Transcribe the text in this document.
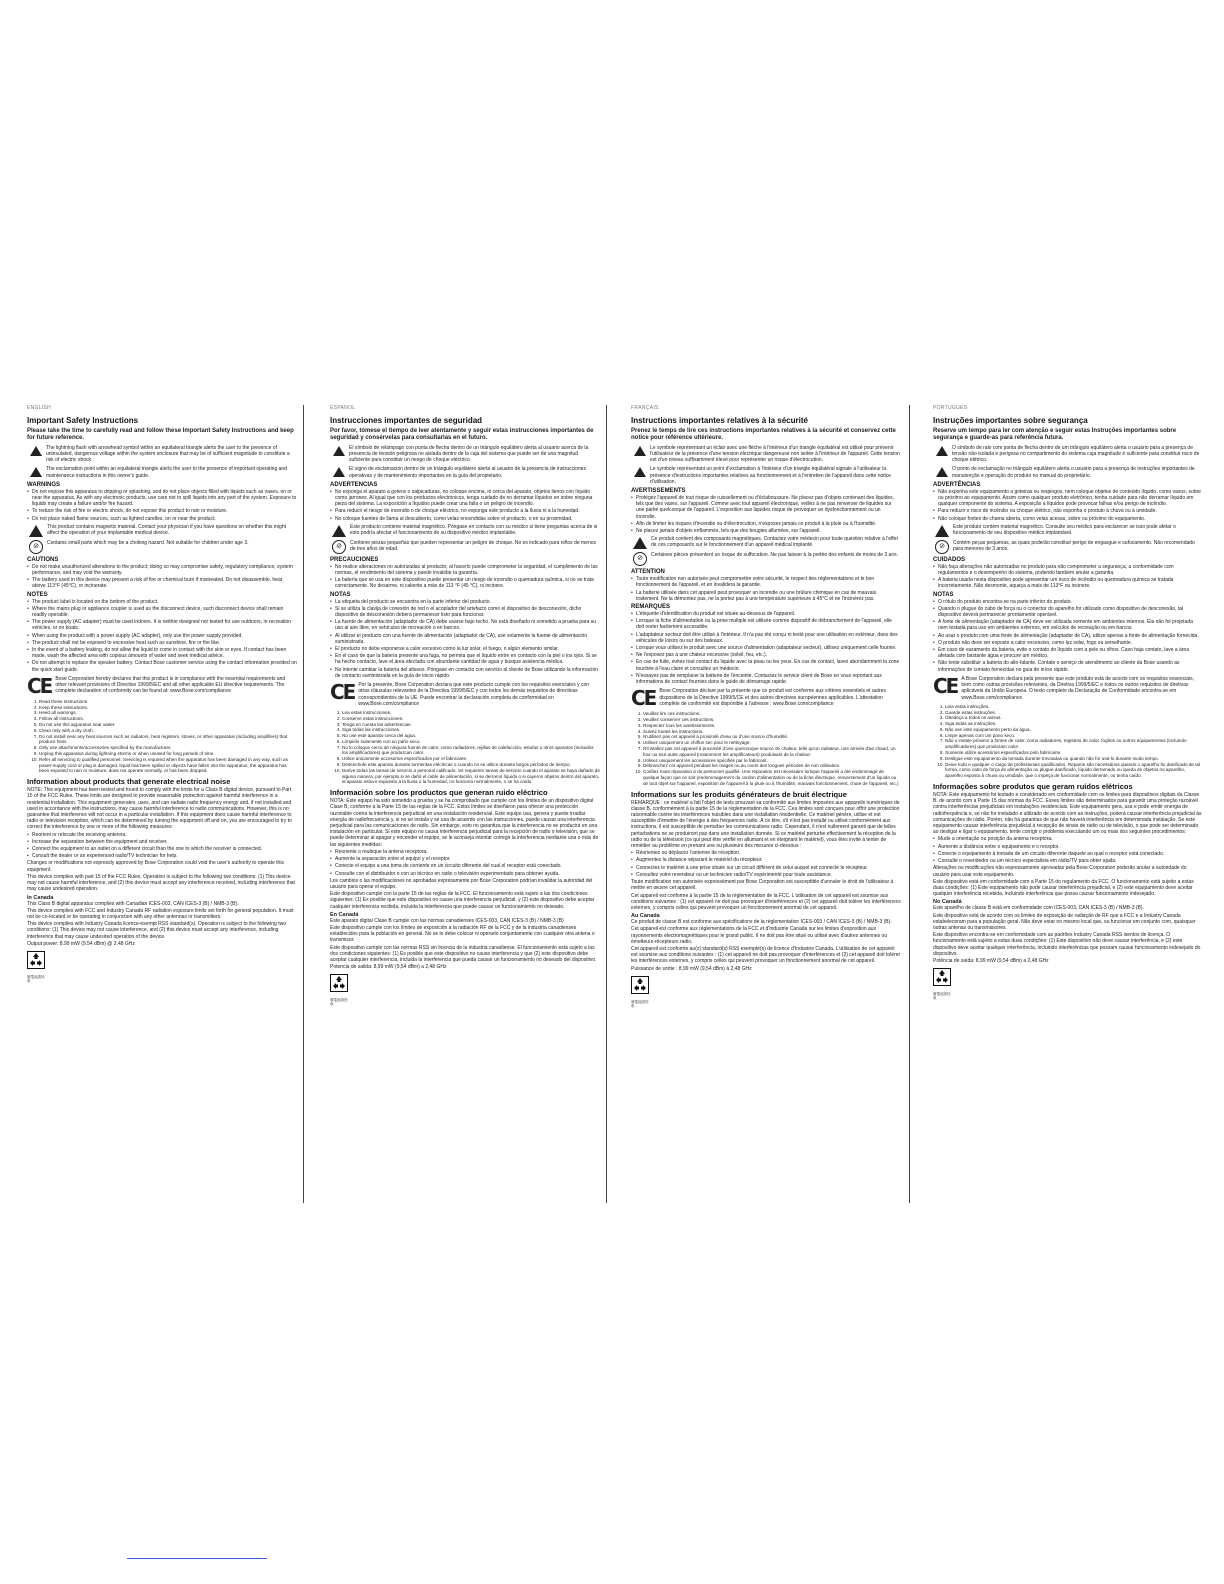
ENGLISH
Important Safety Instructions
Please take the time to carefully read and follow these Important Safety Instructions and keep for future reference.
The lightning flash with arrowhead symbol within an equilateral triangle alerts the user to the presence of uninsulated, dangerous voltage within the system enclosure that may be of sufficient magnitude to constitute a risk of electric shock.
The exclamation point within an equilateral triangle alerts the user to the presence of important operating and maintenance instructions in this owner's guide.
WARNINGS
• Do not expose this apparatus to dripping or splashing, and do not place objects filled with liquids such as vases, on or near the apparatus. As with any electronic products, use care not to spill liquids into any part of the system. Exposure to liquids may create a failure and/or fire hazard.
• To reduce the risk of fire or electric shock, do not expose this product to rain or moisture.
• Do not place naked flame sources, such as lighted candles, on or near the product.
This product contains magnetic material. Contact your physician if you have questions on whether this might affect the operation of your implantable medical device.
⊘	Contains small parts which may be a choking hazard. Not suitable for children under age 3.
CAUTIONS
• Do not make unauthorized alterations to the product; doing so may compromise safety, regulatory compliance, system performance, and may void the warranty.
• The battery used in this device may present a risk of fire or chemical burn if mistreated. Do not disassemble, heat above 113°F (45°C), or incinerate.
NOTES
• The product label is located on the bottom of the product.
• Where the mains plug or appliance coupler is used as the disconnect device, such disconnect device shall remain readily operable.
• The power supply (AC adapter) must be used indoors. It is neither designed nor tested for use outdoors, in recreation vehicles, or on boats.
• When using the product with a power supply (AC adapter), only use the power supply provided.
• The product shall not be exposed to excessive heat such as sunshine, fire or the like.
• In the event of a battery leaking, do not allow the liquid to come in contact with the skin or eyes. If contact has been made, wash the affected area with copious amounts of water and seek medical advice.
• Do not attempt to replace the speaker battery. Contact Bose customer service using the contact information provided on the quick start guide.
CE Bose Corporation hereby declares that this product is in compliance with the essential requirements and other relevant provisions of Directive 1999/5/EC and all other applicable EU directive requirements. The complete declaration of conformity can be found at: www.Bose.com/compliance
1. Read these instructions.
2. Keep these instructions.
3. Heed all warnings.
4. Follow all instructions.
5. Do not use this apparatus near water.
6. Clean only with a dry cloth.
7. Do not install near any heat sources such as radiators, heat registers, stoves, or other apparatus (including amplifiers) that produce heat.
8. Only use attachments/accessories specified by the manufacturer.
9. Unplug this apparatus during lightning storms or when unused for long periods of time.
10. Refer all servicing to qualified personnel. Servicing is required when the apparatus has been damaged in any way, such as power-supply cord or plug is damaged, liquid has been spilled or objects have fallen into the apparatus, the apparatus has been exposed to rain or moisture, does not operate normally, or has been dropped.
Information about products that generate electrical noise
NOTE: This equipment has been tested and found to comply with the limits for a Class B digital device, pursuant to Part 15 of the FCC Rules. These limits are designed to provide reasonable protection against harmful interference in a residential installation. This equipment generates, uses, and can radiate radio frequency energy and, if not installed and used in accordance with the instructions, may cause harmful interference to radio communications. However, this is no guarantee that interference will not occur in a particular installation. If this equipment does cause harmful interference to radio or television reception, which can be determined by turning the equipment off and on, you are encouraged to try to correct the interference by one or more of the following measures:
• Reorient or relocate the receiving antenna.
• Increase the separation between the equipment and receiver.
• Connect the equipment to an outlet on a different circuit than the one to which the receiver is connected.
• Consult the dealer or an experienced radio/TV technician for help.
Changes or modifications not expressly approved by Bose Corporation could void the user's authority to operate this equipment.
This device complies with part 15 of the FCC Rules. Operation is subject to the following two conditions: (1) This device may not cause harmful interference, and (2) this device must accept any interference received, including interference that may cause undesired operation.
In Canada
This Class B digital apparatus complies with Canadian ICES-003, CAN ICES-3 (B) / NMB-3 (B).
This device complies with FCC and Industry Canada RF radiation exposure limits set forth for general population. It must not be co-located or be operating in conjunction with any other antennas or transmitters.
This device complies with Industry Canada licence-exempt RSS standard(s). Operation is subject to the following two conditions: (1) This device may not cause interference, and (2) this device must accept any interference, including interference that may cause undesired operation of the device.
Output power: 8.99 mW (9.54 dBm) @ 2.48 GHz
廢電池請回收
ESPAÑOL
Instrucciones importantes de seguridad
Por favor, tómese el tiempo de leer atentamente y seguir estas instrucciones importantes de seguridad y consérvelas para consultarlas en el futuro.
El símbolo de relámpago con punta de flecha dentro de un triángulo equilátero alerta al usuario acerca de la presencia de tensión peligrosa no aislada dentro de la caja del sistema que puede ser de una magnitud suficiente para constituir un riesgo de choque eléctrico.
El signo de exclamación dentro de un triángulo equilátero alerta al usuario de la presencia de instrucciones operativas y de mantenimiento importantes en la guía del propietario.
ADVERTENCIAS
• No exponga el aparato a goteos o salpicaduras, no coloque encima, ni cerca del aparato, objetos llenos con líquido como jarrones. Al igual que con los productos electrónicos, tenga cuidado de no derramar líquidos en sobre ninguna pieza del sistema. La exposición a líquidos puede crear una falla o un peligro de incendio.
• Para reducir el riesgo de incendio o de choque eléctrico, no exponga este producto a la lluvia ni a la humedad.
• No coloque fuentes de llama al descubierto, como velas encendidas sobre el producto, o en su proximidad.
Este producto contiene material magnético. Póngase en contacto con su médico si tiene preguntas acerca de si esto podría afectar el funcionamiento de su dispositivo médico implantable.
⊘	Contiene piezas pequeñas que pueden representar un peligro de choque. No es indicado para niños de menos de tres años de edad.
PRECAUCIONES
• No realice alteraciones no autorizadas al producto; al hacerlo puede comprometer la seguridad, el cumplimiento de las normas, el rendimiento del sistema y puede invalidar la garantía.
• La batería que se usa en este dispositivo puede presentar un riesgo de incendio o quemadura química, si no se trata correctamente. No desarme, ni caliente a más de 113 °F (45 °C), ni incinere.
NOTAS
• La etiqueta del producto se encuentra en la parte inferior del producto.
• Si se utiliza la clavija de conexión de red o el acoplador del artefacto como el dispositivo de desconexión, dicho dispositivo de desconexión deberá permanecer listo para funcionar.
• La fuente de alimentación (adaptador de CA) debe usarse bajo techo. No está diseñado ni sometido a prueba para su uso al aire libre, en vehículos de recreación o en barcos.
• Al utilizar el producto con una fuente de alimentación (adaptador de CA), use solamente la fuente de alimentación suministrada.
• El producto no debe exponerse a calor excesivo como la luz solar, el fuego, o algún elemento similar.
• En el caso de que la batería presente una fuga, no permita que el líquido entre en contacto con la piel o los ojos. Si se ha hecho contacto, lave el área afectada con abundante cantidad de agua y busque asistencia médica.
• No intente cambiar la batería del altavoz. Póngase en contacto con servicio al cliente de Bose utilizando la información de contacto suministrada en la guía de inicio rápido.
CE Por la presente, Bose Corporation declara que este producto cumple con los requisitos esenciales y con otras cláusulas relevantes de la Directiva 1999/5/EC y con todos los demás requisitos de directivas correspondientes de la UE. Puede encontrar la declaración completa de conformidad en www.Bose.com/compliance
1. Lea estas instrucciones.
2. Conserve estas instrucciones.
3. Tenga en cuenta las advertencias.
4. Siga todas las instrucciones.
5. No use este aparato cerca del agua.
6. Límpielo solamente con un paño seco.
7. No lo coloque cerca de ninguna fuente de calor, como radiadores, rejillas de calefacción, estufas u otros aparatos (incluidos los amplificadores) que produzcan calor.
8. Utilice únicamente accesorios especificados por el fabricante.
9. Desenchufe este aparato durante tormentas eléctricas o cuando no se utilice durante largos períodos de tiempo.
10. Derive todas las tareas de servicio a personal calificado. Se requieren tareas de servicio cuando el aparato se haya dañado de alguna manera, por ejemplo si se dañó el cable de alimentación, si se derramó líquido o si cayeron objetos dentro del aparato, el aparato estuvo expuesto a la lluvia o la humedad, no funciona normalmente, o se ha caído.
Información sobre los productos que generan ruido eléctrico
NOTA: Este equipo ha sido sometido a prueba y se ha comprobado que cumple con los límites de un dispositivo digital Clase B, conforme a la Parte 15 de las reglas de la FCC. Estos límites se diseñaron para ofrecer una protección razonable contra la interferencia perjudicial en una instalación residencial. Este equipo usa, genera y puede irradiar energía de radiofrecuencia y, si no se instala y se usa de acuerdo con las instrucciones, puede causar una interferencia perjudicial para las comunicaciones de radio. Sin embargo, esto no garantiza que la interferencia no se producirá en una instalación en particular. Si este equipo no causa interferencia perjudicial para la recepción de radio o televisión, que se puede determinar al apagar y encender el equipo, se le aconseja intentar corregir la interferencia mediante una o más de las siguientes medidas:
• Reoriente o reubique la antena receptora.
• Aumente la separación entre el equipo y el receptor.
• Conecte el equipo a una toma de corriente en un circuito diferente del cual el receptor está conectado.
• Consulte con el distribuidor o con un técnico en radio o televisión experimentado para obtener ayuda.
Los cambios o las modificaciones no aprobadas expresamente por Bose Corporation podrían invalidar la autoridad del usuario para operar el equipo.
Este dispositivo cumple con la parte 15 de las reglas de la FCC. El funcionamiento está sujeto a las dos condiciones siguientes: (1) Es posible que este dispositivo no cause una interferencia perjudicial, y (2) este dispositivo debe aceptar cualquier interferencia recibida, incluida la interferencia que puede causar un funcionamiento no deseado.
En Canadá
Este aparato digital Clase B cumple con las normas canadienses ICES-003, CAN ICES-3 (B) / NMB-3 (B)
Este dispositivo cumple con los límites de exposición a la radiación RF de la FCC y de la industria canadienses establecidos para la población en general. No se lo debe colocar ni operarlo conjuntamente con cualquier otra antena o transmisor.
Este dispositivo cumple con las normas RSS sin licencia de la industria canadiense. El funcionamiento está sujeto a las dos condiciones siguientes: (1) Es posible que este dispositivo no cause interferencia y que (2) este dispositivo debe aceptar cualquier interferencia, incluida la interferencia que pueda causar un funcionamiento no deseado del dispositivo.
Potencia de salida: 8,99 mW (9,54 dBm) a 2,48 GHz
廢電池請回收
FRANÇAIS
Instructions importantes relatives à la sécurité
Prenez le temps de lire ces instructions importantes relatives à la sécurité et conservez cette notice pour référence ultérieure.
Le symbole représentant un éclair avec une flèche à l'intérieur d'un triangle équilatéral est utilisé pour prévenir l'utilisateur de la présence d'une tension électrique dangereuse non isolée à l'intérieur de l'appareil. Cette tension est d'un niveau suffisamment élevé pour représenter un risque d'électrocution.
Le symbole représentant un point d'exclamation à l'intérieur d'un triangle équilatéral signale à l'utilisateur la présence d'instructions importantes relatives au fonctionnement et à l'entretien de l'appareil dans cette notice d'utilisation.
AVERTISSEMENTS
• Protégez l'appareil de tout risque de ruissellement ou d'éclaboussure. Ne placez pas d'objets contenant des liquides, tels que des vases, sur l'appareil. Comme avec tout appareil électronique, veillez à ne pas renverser de liquides sur une partie quelconque de l'appareil. L'exposition aux liquides risque de provoquer un dysfonctionnement ou un incendie.
• Afin de limiter les risques d'incendie ou d'électrocution, n'exposez jamais ce produit à la pluie ou à l'humidité.
• Ne placez jamais d'objets enflammés, tels que des bougies allumées, sur l'appareil.
Ce produit contient des composants magnétiques. Contactez votre médecin pour toute question relative à l'effet de ces composants sur le fonctionnement d'un appareil médical implanté.
⊘	Certaines pièces présentent un risque de suffocation. Ne pas laisser à la portée des enfants de moins de 3 ans.
ATTENTION
• Toute modification non autorisée peut compromettre votre sécurité, le respect des réglementations et le bon fonctionnement de l'appareil, et en invalidera la garantie.
• La batterie utilisée dans cet appareil peut provoquer un incendie ou une brûlure chimique en cas de mauvais traitement. Ne la démontez pas, ne la portez pas à une température supérieure à 45°C et ne l'incinérez pas.
REMARQUES
• L'étiquette d'identification du produit est située au-dessous de l'appareil.
• Lorsque la fiche d'alimentation ou la prise multiple est utilisée comme dispositif de débranchement de l'appareil, elle doit rester facilement accessible.
• L'adaptateur secteur doit être utilisé à l'intérieur. Il n'a pas été conçu ni testé pour une utilisation en extérieur, dans des véhicules de loisirs ou sur des bateaux.
• Lorsque vous utilisez le produit avec une source d'alimentation (adaptateur secteur), utilisez uniquement celle fournie.
• Ne l'exposez pas à une chaleur excessive (soleil, feu, etc.).
• En cas de fuite, évitez tout contact du liquide avec la peau ou les yeux. En cas de contact, lavez abondamment la zone touchée à l'eau claire et consultez un médecin.
• N'essayez pas de remplacer la batterie de l'enceinte. Contactez le service client de Bose en vous reportant aux informations de contact fournies dans le guide de démarrage rapide.
CE Bose Corporation déclare par la présente que ce produit est conforme aux critères essentiels et autres dispositions de la Directive 1999/5/CE et des autres directives européennes applicables. L'attestation complète de conformité est disponible à l'adresse : www.Bose.com/compliance
1. Veuillez lire ces instructions.
2. Veuillez conserver ces instructions.
3. Respectez tous les avertissements.
4. Suivez toutes les instructions.
5. N'utilisez pas cet appareil à proximité d'eau ou d'une source d'humidité.
6. Utilisez uniquement un chiffon sec pour le nettoyage.
7. N'installez pas cet appareil à proximité d'une quelconque source de chaleur, telle qu'un radiateur, une arrivée d'air chaud, un four ou tout autre appareil (notamment les amplificateurs) produisant de la chaleur.
8. Utilisez uniquement les accessoires spécifiés par le fabricant.
9. Débranchez cet appareil pendant les orages ou au cours des longues périodes de non utilisation.
10. Confiez toute réparation à du personnel qualifié. Une réparation est nécessaire lorsque l'appareil a été endommagé de quelque façon que ce soit (endommagement du cordon d'alimentation ou de la fiche électrique, renversement d'un liquide ou de tout objet sur l'appareil, exposition de l'appareil à la pluie ou à l'humidité, mauvais fonctionnement, chute de l'appareil, etc.)
Informations sur les produits générateurs de bruit électrique
REMARQUE : ce matériel a fait l'objet de tests prouvant sa conformité aux limites imposées aux appareils numériques de classe B, conformément à la partie 15 de la réglementation de la FCC. Ces limites sont conçues pour offrir une protection raisonnable contre les interférences nuisibles dans une installation résidentielle. Ce matériel génère, utilise et est susceptible d'émettre de l'énergie à des fréquences radio. À ce titre, s'il n'est pas installé ou utilisé conformément aux instructions, il est susceptible de perturber les communications radio. Cependant, il n'est nullement garanti que de telles perturbations ne se produiront pas dans une installation donnée. Si ce matériel perturbe effectivement la réception de la radio ou de la télévision (ce qui peut être vérifié en allumant et en éteignant le matériel), vous êtes invité à tenter de remédier au problème en prenant une ou plusieurs des mesures ci-dessous :
• Réorientez ou déplacez l'antenne de réception.
• Augmentez la distance séparant le matériel du récepteur.
• Connectez le matériel à une prise située sur un circuit différent de celui auquel est connecté le récepteur.
• Consultez votre revendeur ou un technicien radio/TV expérimenté pour toute assistance.
Toute modification non autorisée expressément par Bose Corporation est susceptible d'annuler le droit de l'utilisateur à mettre en œuvre cet appareil.
Cet appareil est conforme à la partie 15 de la réglementation de la FCC. L'utilisation de cet appareil est soumise aux conditions suivantes : (1) cet appareil ne doit pas provoquer d'interférences et (2) cet appareil doit tolérer les interférences externes, y compris celles qui peuvent provoquer un fonctionnement anormal de cet appareil.
Au Canada
Ce produit de classe B est conforme aux spécifications de la réglementation ICES-003 / CAN ICES-3 (B) / NMB-3 (B).
Cet appareil est conforme aux réglementations de la FCC et d'Industrie Canada sur les limites d'exposition aux rayonnements électromagnétiques pour le grand public. Il ne doit pas être situé ou utilisé avec d'autres antennes ou émetteurs-récepteurs radio.
Cet appareil est conforme au(x) standard(s) RSS exempté(s) de licence d'Industrie Canada. L'utilisation de cet appareil est soumise aux conditions suivantes : (1) cet appareil ne doit pas provoquer d'interférences et (2) cet appareil doit tolérer les interférences externes, y compris celles qui peuvent provoquer un fonctionnement anormal de cet appareil.
Puissance de sortie : 8,99 mW (9,54 dBm) à 2,48 GHz
廢電池請回收
PORTUGUÊS
Instruções importantes sobre segurança
Reserve um tempo para ler com atenção e seguir estas Instruções importantes sobre segurança e guarde-as para referência futura.
O símbolo de raio com ponta de flecha dentro de um triângulo equilátero alerta o usuário para a presença de tensão não isolada e perigosa no compartimento do sistema cuja magnitude é suficiente para constituir risco de choque elétrico.
O ponto de exclamação no triângulo equilátero alerta o usuário para a presença de instruções importantes de manutenção e operação do produto no manual do proprietário.
ADVERTÊNCIAS
• Não exponha este equipamento a goteiras ou respingos, nem coloque objetos de conteúdo líquido, como vasos, sobre ou próximo ao equipamento. Assim como qualquer produto eletrônico, tenha cuidado para não derramar líquido em qualquer componente do sistema. A exposição a líquidos pode provocar falhas e/ou perigo de incêndio.
• Para reduzir o risco de incêndio ou choque elétrico, não exponha o produto à chuva ou à umidade.
• Não coloque fontes de chama aberta, como velas acesas, sobre ou próximo do equipamento.
Este produto contém material magnético. Consulte seu médico para esclarecer se isso pode afetar o funcionamento de seu dispositivo médico implantável.
⊘	Contém peças pequenas, as quais poderão constituir perigo de engasgue e sufocamento. Não recomendado para menores de 3 anos.
CUIDADOS
• Não faça alterações não autorizadas no produto para não comprometer a segurança, a conformidade com regulamentos e o desempenho do sistema, podendo também anular a garantia.
• A bateria usada nesta dispositivo pode apresentar um risco de incêndio ou queimadura química se tratada incorretamente. Não desmonte, aqueça a mais de 113°F ou incinere.
NOTAS
• O rótulo do produto encontra-se na parte inferior do produto.
• Quando o plugue do cabo de força ou o conector do aparelho for utilizado como dispositivo de desconexão, tal dispositivo deverá permanecer prontamente operável.
• A fonte de alimentação (adaptador de CA) deve ser utilizada somente em ambientes internos. Ela não foi projetada nem testada para uso em ambientes externos, em veículos de recreação ou em barcos.
• Ao usar o produto com uma fonte de alimentação (adaptador de CA), utilize apenas a fonte de alimentação fornecida.
• O produto não deve ser exposto a calor excessivo, como luz solar, fogo ou semelhante.
• Em caso de vazamento da bateria, evite o contato do líquido com a pele ou olhos. Caso haja contato, lave a área afetada com bastante água e procure um médico.
• Não tente substituir a bateria do alto-falante. Contate o serviço de atendimento ao cliente da Bose usando as informações de contato fornecidas no guia de início rápido.
CE A Bose Corporation declara pela presente que este produto está de acordo com os requisitos essenciais, bem como outras provisões relevantes, da Diretiva 1999/5/EC e todos os outros requisitos de diretivas aplicáveis da União Europeia. O texto completo da Declaração de Conformidade encontra-se em www.Bose.com/compliance
1. Leia estas instruções.
2. Guarde estas instruções.
3. Obedeça a todos os avisos.
4. Siga todas as instruções.
5. Não use este equipamento perto da água.
6. Limpe apenas com um pano seco.
7. Não o instale próximo a fontes de calor, como radiadores, registros de calor, fogões ou outros equipamentos (incluindo amplificadores) que produzam calor.
8. Somente utilize acessórios especificados pelo fabricante.
9. Desligue este equipamento da tomada durante trovoadas ou quando não for usá-lo durante muito tempo.
10. Deixe todo e qualquer o cargo de profissionais qualificados. Reparos são necessários quando o aparelho foi danificado de tal forma, como cabo de força de alimentação ou plugue danificado, líquido derramado ou queda de objetos no aparelho, aparelho exposto à chuva ou umidade, que o impeça de funcionar normalmente, ou tenha caído.
Informações sobre produtos que geram ruídos elétricos
NOTA: Este equipamento foi testado e considerado em conformidade com os limites para dispositivos digitais da Classe B, de acordo com a Parte 15 das normas da FCC. Esses limites são determinados para garantir uma proteção razoável contra interferências prejudiciais em instalações residenciais. Este equipamento gera, usa e pode emitir energia de radiofrequência e, se não for instalado e utilizado de acordo com as instruções, poderá causar interferência prejudicial às comunicações de rádio. Porém, não há garantias de que não haverá interferência em determinada instalação. Se este equipamento causar interferência prejudicial à recepção de sinais de rádio ou de televisão, o que pode ser determinado ao desligar e ligar o equipamento, tente corrigir o problema executando um ou mais dos seguintes procedimentos:
• Mude a orientação ou posição da antena receptora.
• Aumente a distância entre o equipamento e o receptor.
• Conecte o equipamento à tomada de um circuito diferente daquele ao qual o receptor está conectado.
• Consulte o revendedor ou um técnico especialista em rádio/TV para obter ajuda.
Alterações ou modificações não expressamente aprovadas pela Bose Corporation poderão anular a autoridade do usuário para usar este equipamento.
Este dispositivo está em conformidade com a Parte 15 do regulamento da FCC. O funcionamento está sujeito a estas duas condições: (1) Este equipamento não pode causar interferência prejudicial, e (2) este equipamento deve aceitar qualquer interferência recebida, incluindo interferência que possa causar funcionamento indesejado.
No Canadá
Este aparelho de classe B está em conformidade com ICES-003, CAN ICES-3 (B) / NMB-3 (B).
Este dispositivo está de acordo com os limites de exposição de radiação de RF que a FCC e a Industry Canada estabeleceram para a população geral. Não deve estar no mesmo local que, ou funcionar em conjunto com, quaisquer outras antenas ou transmissores.
Este dispositivo encontra-se em conformidade com as padrões Industry Canada RSS isentos de licença. O funcionamento está sujeito a estas duas condições: (1) Este dispositivo não deve causar interferência, e (2) este dispositivo deve aceitar qualquer interferência, incluindo interferências que possam causar funcionamento indesejado do dispositivo.
Potência de saída: 8,99 mW (9,54 dBm) a 2,48 GHz
廢電池請回收
